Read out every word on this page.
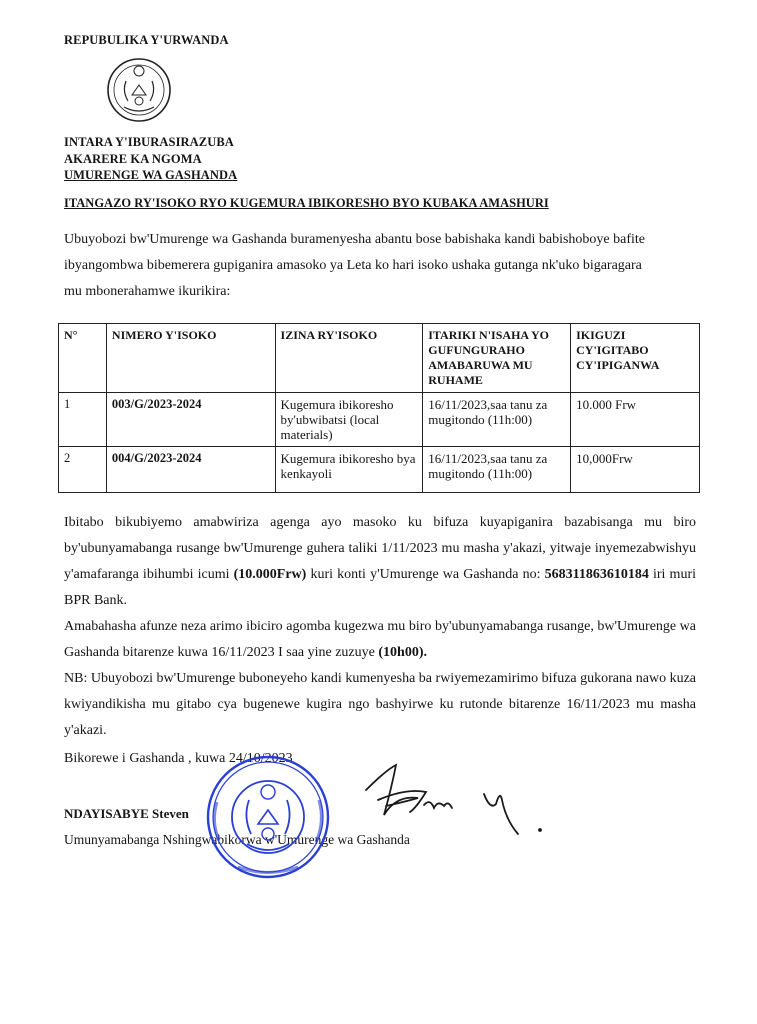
REPUBULIKA Y'URWANDA
INTARA Y'IBURASIRAZUBA
AKARERE KA NGOMA
UMURENGE WA GASHANDA
ITANGAZO RY'ISOKO RYO KUGEMURA IBIKORESHO BYO KUBAKA AMASHURI
Ubuyobozi bw'Umurenge wa Gashanda buramenyesha abantu bose babishaka kandi babishoboye bafite
ibyangombwa bibemerera gupiganira amasoko ya Leta ko hari isoko ushaka gutanga nk'uko bigaragara
mu mbonerahamwe ikurikira:
N°	NIMERO Y'ISOKO	IZINA RY'ISOKO	ITARIKI N'ISAHA YO GUFUNGURAHO AMABARUWA MU RUHAME	IKIGUZI CY'IGITABO CY'IPIGANWA
1	003/G/2023-2024	Kugemura ibikoresho by'ubwibatsi (local materials)	16/11/2023,saa tanu za mugitondo (11h:00)	10.000 Frw
2	004/G/2023-2024	Kugemura ibikoresho bya kenkayoli	16/11/2023,saa tanu za mugitondo (11h:00)	10,000Frw
Ibitabo bikubiyemo amabwiriza agenga ayo masoko ku bifuza kuyapiganira bazabisanga mu biro by'ubunyamabanga rusange bw'Umurenge guhera taliki 1/11/2023 mu masha y'akazi, yitwaje inyemezabwishyu y'amafaranga ibihumbi icumi (10.000Frw) kuri konti y'Umurenge wa Gashanda no: 568311863610184 iri muri BPR Bank.
Amabahasha afunze neza arimo ibiciro agomba kugezwa mu biro by'ubunyamabanga rusange, bw'Umurenge wa Gashanda bitarenze kuwa 16/11/2023 I saa yine zuzuye (10h00).
NB: Ubuyobozi bw'Umurenge buboneyeho kandi kumenyesha ba rwiyemezamirimo bifuza gukorana nawo kuza kwiyandikisha mu gitabo cya bugenewe kugira ngo bashyirwe ku rutonde bitarenze 16/11/2023 mu masha y'akazi.
Bikorewe i Gashanda , kuwa 24/10/2023
NDAYISABYE Steven
Umunyamabanga Nshingwabikorwa w'Umurenge wa Gashanda
